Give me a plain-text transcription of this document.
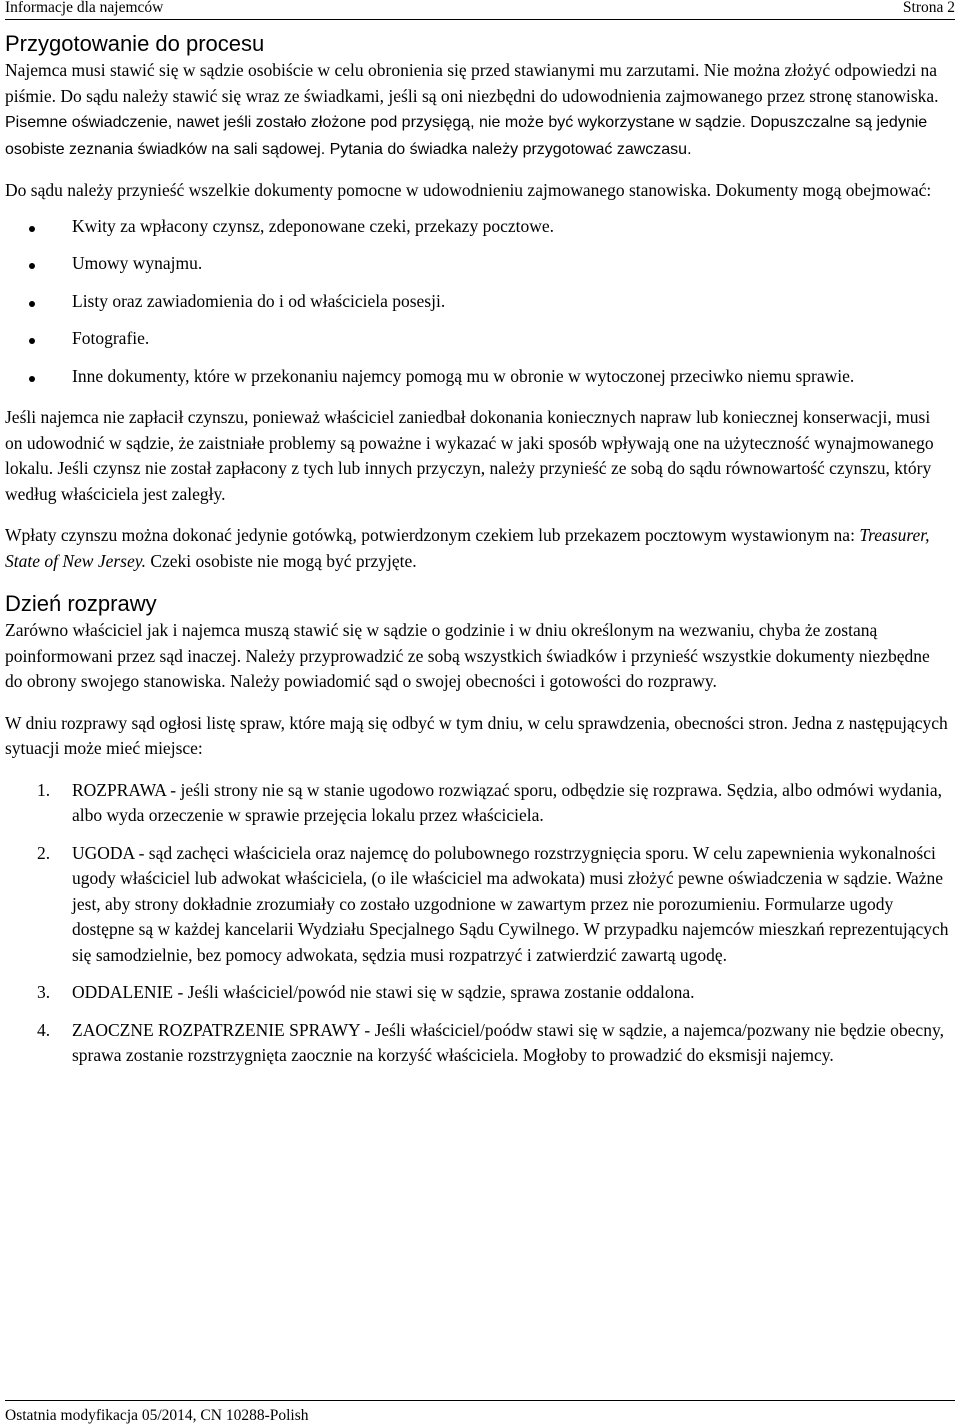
Informacje dla najemców	Strona 2
Przygotowanie do procesu

Najemca musi stawić się w sądzie osobiście w celu obronienia się przed stawianymi mu zarzutami. Nie można złożyć odpowiedzi na piśmie. Do sądu należy stawić się wraz ze świadkami, jeśli są oni niezbędni do udowodnienia zajmowanego przez stronę stanowiska. Pisemne oświadczenie, nawet jeśli zostało złożone pod przysięgą, nie może być wykorzystane w sądzie. Dopuszczalne są jedynie osobiste zeznania świadków na sali sądowej. Pytania do świadka należy przygotować zawczasu.

Do sądu należy przynieść wszelkie dokumenty pomocne w udowodnieniu zajmowanego stanowiska. Dokumenty mogą obejmować:

Kwity za wpłacony czynsz, zdeponowane czeki, przekazy pocztowe.
Umowy wynajmu.
Listy oraz zawiadomienia do i od właściciela posesji.
Fotografie.
Inne dokumenty, które w przekonaniu najemcy pomogą mu w obronie w wytoczonej przeciwko niemu sprawie.

Jeśli najemca nie zapłacił czynszu, ponieważ właściciel zaniedbał dokonania koniecznych napraw lub koniecznej konserwacji, musi on udowodnić w sądzie, że zaistniałe problemy są poważne i wykazać w jaki sposób wpływają one na użyteczność wynajmowanego lokalu. Jeśli czynsz nie został zapłacony z tych lub innych przyczyn, należy przynieść ze sobą do sądu równowartość czynszu, który według właściciela jest zaległy.

Wpłaty czynszu można dokonać jedynie gotówką, potwierdzonym czekiem lub przekazem pocztowym wystawionym na: Treasurer, State of New Jersey. Czeki osobiste nie mogą być przyjęte.

Dzień rozprawy

Zarówno właściciel jak i najemca muszą stawić się w sądzie o godzinie i w dniu określonym na wezwaniu, chyba że zostaną poinformowani przez sąd inaczej. Należy przyprowadzić ze sobą wszystkich świadków i przynieść wszystkie dokumenty niezbędne do obrony swojego stanowiska. Należy powiadomić sąd o swojej obecności i gotowości do rozprawy.

W dniu rozprawy sąd ogłosi listę spraw, które mają się odbyć w tym dniu, w celu sprawdzenia, obecności stron. Jedna z następujących sytuacji może mieć miejsce:

1. ROZPRAWA - jeśli strony nie są w stanie ugodowo rozwiązać sporu, odbędzie się rozprawa. Sędzia, albo odmówi wydania, albo wyda orzeczenie w sprawie przejęcia lokalu przez właściciela.
2. UGODA - sąd zachęci właściciela oraz najemcę do polubownego rozstrzygnięcia sporu. W celu zapewnienia wykonalności ugody właściciel lub adwokat właściciela, (o ile właściciel ma adwokata) musi złożyć pewne oświadczenia w sądzie. Ważne jest, aby strony dokładnie zrozumiały co zostało uzgodnione w zawartym przez nie porozumieniu. Formularze ugody dostępne są w każdej kancelarii Wydziału Specjalnego Sądu Cywilnego. W przypadku najemców mieszkań reprezentujących się samodzielnie, bez pomocy adwokata, sędzia musi rozpatrzyć i zatwierdzić zawartą ugodę.
3. ODDALENIE - Jeśli właściciel/powód nie stawi się w sądzie, sprawa zostanie oddalona.
4. ZAOCZNE ROZPATRZENIE SPRAWY - Jeśli właściciel/poódw stawi się w sądzie, a najemca/pozwany nie będzie obecny, sprawa zostanie rozstrzygnięta zaocznie na korzyść właściciela. Mogłoby to prowadzić do eksmisji najemcy.
Ostatnia modyfikacja 05/2014, CN 10288-Polish
